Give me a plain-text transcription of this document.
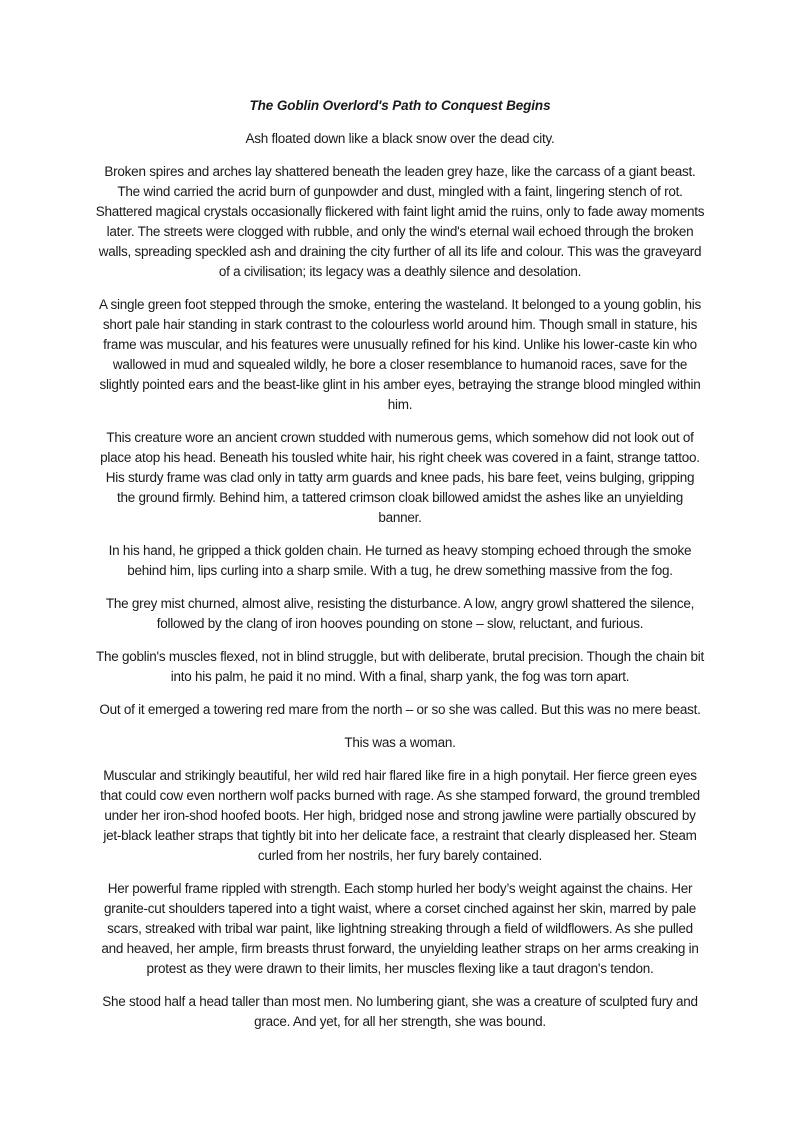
The Goblin Overlord's Path to Conquest Begins

Ash floated down like a black snow over the dead city.

Broken spires and arches lay shattered beneath the leaden grey haze, like the carcass of a giant beast. The wind carried the acrid burn of gunpowder and dust, mingled with a faint, lingering stench of rot. Shattered magical crystals occasionally flickered with faint light amid the ruins, only to fade away moments later. The streets were clogged with rubble, and only the wind's eternal wail echoed through the broken walls, spreading speckled ash and draining the city further of all its life and colour. This was the graveyard of a civilisation; its legacy was a deathly silence and desolation.

A single green foot stepped through the smoke, entering the wasteland. It belonged to a young goblin, his short pale hair standing in stark contrast to the colourless world around him. Though small in stature, his frame was muscular, and his features were unusually refined for his kind. Unlike his lower-caste kin who wallowed in mud and squealed wildly, he bore a closer resemblance to humanoid races, save for the slightly pointed ears and the beast-like glint in his amber eyes, betraying the strange blood mingled within him.

This creature wore an ancient crown studded with numerous gems, which somehow did not look out of place atop his head. Beneath his tousled white hair, his right cheek was covered in a faint, strange tattoo. His sturdy frame was clad only in tatty arm guards and knee pads, his bare feet, veins bulging, gripping the ground firmly. Behind him, a tattered crimson cloak billowed amidst the ashes like an unyielding banner.

In his hand, he gripped a thick golden chain. He turned as heavy stomping echoed through the smoke behind him, lips curling into a sharp smile. With a tug, he drew something massive from the fog.

The grey mist churned, almost alive, resisting the disturbance. A low, angry growl shattered the silence, followed by the clang of iron hooves pounding on stone – slow, reluctant, and furious.

The goblin's muscles flexed, not in blind struggle, but with deliberate, brutal precision. Though the chain bit into his palm, he paid it no mind. With a final, sharp yank, the fog was torn apart.

Out of it emerged a towering red mare from the north – or so she was called. But this was no mere beast.

This was a woman.

Muscular and strikingly beautiful, her wild red hair flared like fire in a high ponytail. Her fierce green eyes that could cow even northern wolf packs burned with rage. As she stamped forward, the ground trembled under her iron-shod hoofed boots. Her high, bridged nose and strong jawline were partially obscured by jet-black leather straps that tightly bit into her delicate face, a restraint that clearly displeased her. Steam curled from her nostrils, her fury barely contained.

Her powerful frame rippled with strength. Each stomp hurled her body’s weight against the chains. Her granite-cut shoulders tapered into a tight waist, where a corset cinched against her skin, marred by pale scars, streaked with tribal war paint, like lightning streaking through a field of wildflowers. As she pulled and heaved, her ample, firm breasts thrust forward, the unyielding leather straps on her arms creaking in protest as they were drawn to their limits, her muscles flexing like a taut dragon's tendon.

She stood half a head taller than most men. No lumbering giant, she was a creature of sculpted fury and grace. And yet, for all her strength, she was bound.
